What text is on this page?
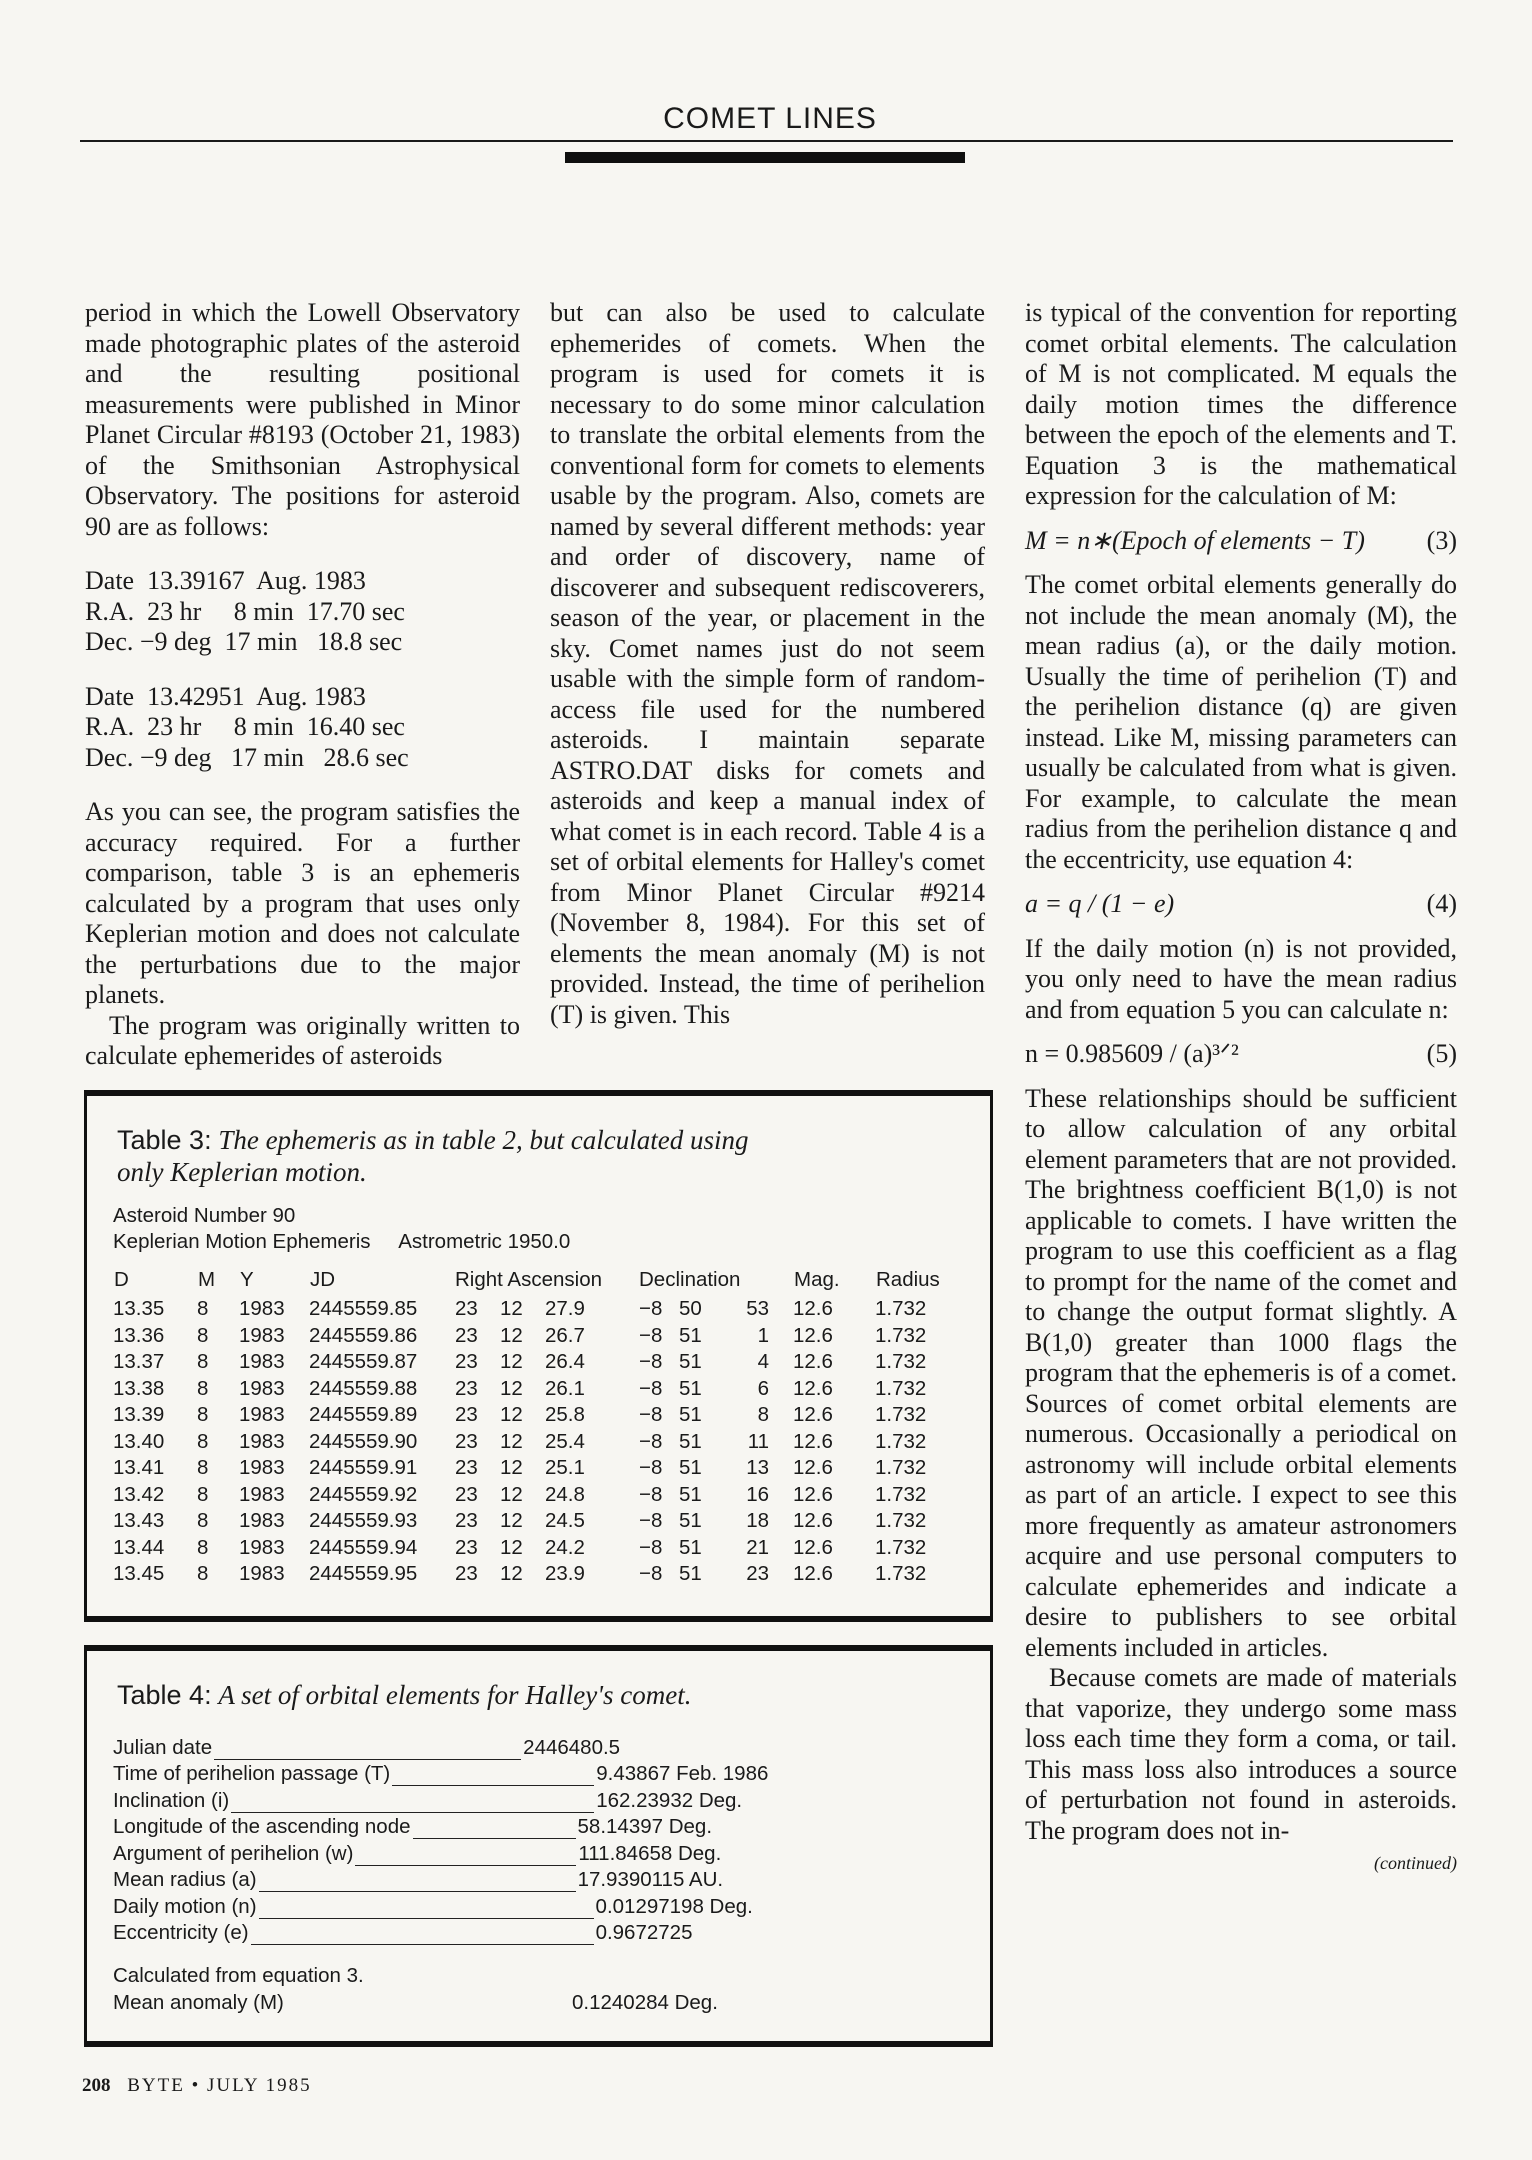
COMET LINES

period in which the Lowell Observatory made photographic plates of the asteroid and the resulting positional measurements were published in Minor Planet Circular #8193 (October 21, 1983) of the Smithsonian Astrophysical Observatory. The positions for asteroid 90 are as follows:

Date  13.39167  Aug. 1983
R.A.  23 hr     8 min  17.70 sec
Dec. −9 deg  17 min   18.8 sec
Date  13.42951  Aug. 1983
R.A.  23 hr     8 min  16.40 sec
Dec. −9 deg   17 min   28.6 sec

As you can see, the program satisfies the accuracy required. For a further comparison, table 3 is an ephemeris calculated by a program that uses only Keplerian motion and does not calculate the perturbations due to the major planets.

The program was originally written to calculate ephemerides of asteroids

but can also be used to calculate ephemerides of comets. When the program is used for comets it is necessary to do some minor calculation to translate the orbital elements from the conventional form for comets to elements usable by the program. Also, comets are named by several different methods: year and order of discovery, name of discoverer and subsequent rediscoverers, season of the year, or placement in the sky. Comet names just do not seem usable with the simple form of random-access file used for the numbered asteroids. I maintain separate ASTRO.DAT disks for comets and asteroids and keep a manual index of what comet is in each record. Table 4 is a set of orbital elements for Halley's comet from Minor Planet Circular #9214 (November 8, 1984). For this set of elements the mean anomaly (M) is not provided. Instead, the time of perihelion (T) is given. This

is typical of the convention for reporting comet orbital elements. The calculation of M is not complicated. M equals the daily motion times the difference between the epoch of the elements and T. Equation 3 is the mathematical expression for the calculation of M:

M = n∗(Epoch of elements − T) (3)

The comet orbital elements generally do not include the mean anomaly (M), the mean radius (a), or the daily motion. Usually the time of perihelion (T) and the perihelion distance (q) are given instead. Like M, missing parameters can usually be calculated from what is given. For example, to calculate the mean radius from the perihelion distance q and the eccentricity, use equation 4:

a = q / (1 − e)	(4)

If the daily motion (n) is not provided, you only need to have the mean radius and from equation 5 you can calculate n:

n = 0.985609 / (a)³ᐟ²	(5)

These relationships should be sufficient to allow calculation of any orbital element parameters that are not provided. The brightness coefficient B(1,0) is not applicable to comets. I have written the program to use this coefficient as a flag to prompt for the name of the comet and to change the output format slightly. A B(1,0) greater than 1000 flags the program that the ephemeris is of a comet. Sources of comet orbital elements are numerous. Occasionally a periodical on astronomy will include orbital elements as part of an article. I expect to see this more frequently as amateur astronomers acquire and use personal computers to calculate ephemerides and indicate a desire to publishers to see orbital elements included in articles.

Because comets are made of materials that vaporize, they undergo some mass loss each time they form a coma, or tail. This mass loss also introduces a source of perturbation not found in asteroids. The program does not in-

(continued)
Table 3: The ephemeris as in table 2, but calculated using only Keplerian motion.
Asteroid Number 90
Keplerian Motion Ephemeris Astrometric 1950.0
D	M	Y	JD	Right Ascension			Declination			Mag.	Radius
13.35	8	1983	2445559.85	23	12	27.9	−8	50	53	12.6	1.732
13.36	8	1983	2445559.86	23	12	26.7	−8	51	1	12.6	1.732
13.37	8	1983	2445559.87	23	12	26.4	−8	51	4	12.6	1.732
13.38	8	1983	2445559.88	23	12	26.1	−8	51	6	12.6	1.732
13.39	8	1983	2445559.89	23	12	25.8	−8	51	8	12.6	1.732
13.40	8	1983	2445559.90	23	12	25.4	−8	51	11	12.6	1.732
13.41	8	1983	2445559.91	23	12	25.1	−8	51	13	12.6	1.732
13.42	8	1983	2445559.92	23	12	24.8	−8	51	16	12.6	1.732
13.43	8	1983	2445559.93	23	12	24.5	−8	51	18	12.6	1.732
13.44	8	1983	2445559.94	23	12	24.2	−8	51	21	12.6	1.732
13.45	8	1983	2445559.95	23	12	23.9	−8	51	23	12.6	1.732
Table 4: A set of orbital elements for Halley's comet.
Julian date	2446480.5
Time of perihelion passage (T)	9.43867 Feb. 1986
Inclination (i)	162.23932 Deg.
Longitude of the ascending node	58.14397 Deg.
Argument of perihelion (w)	111.84658 Deg.
Mean radius (a)	17.9390115 AU.
Daily motion (n)	0.01297198 Deg.
Eccentricity (e)	0.9672725
Calculated from equation 3.
Mean anomaly (M)	0.1240284 Deg.
208 BYTE • JULY 1985
